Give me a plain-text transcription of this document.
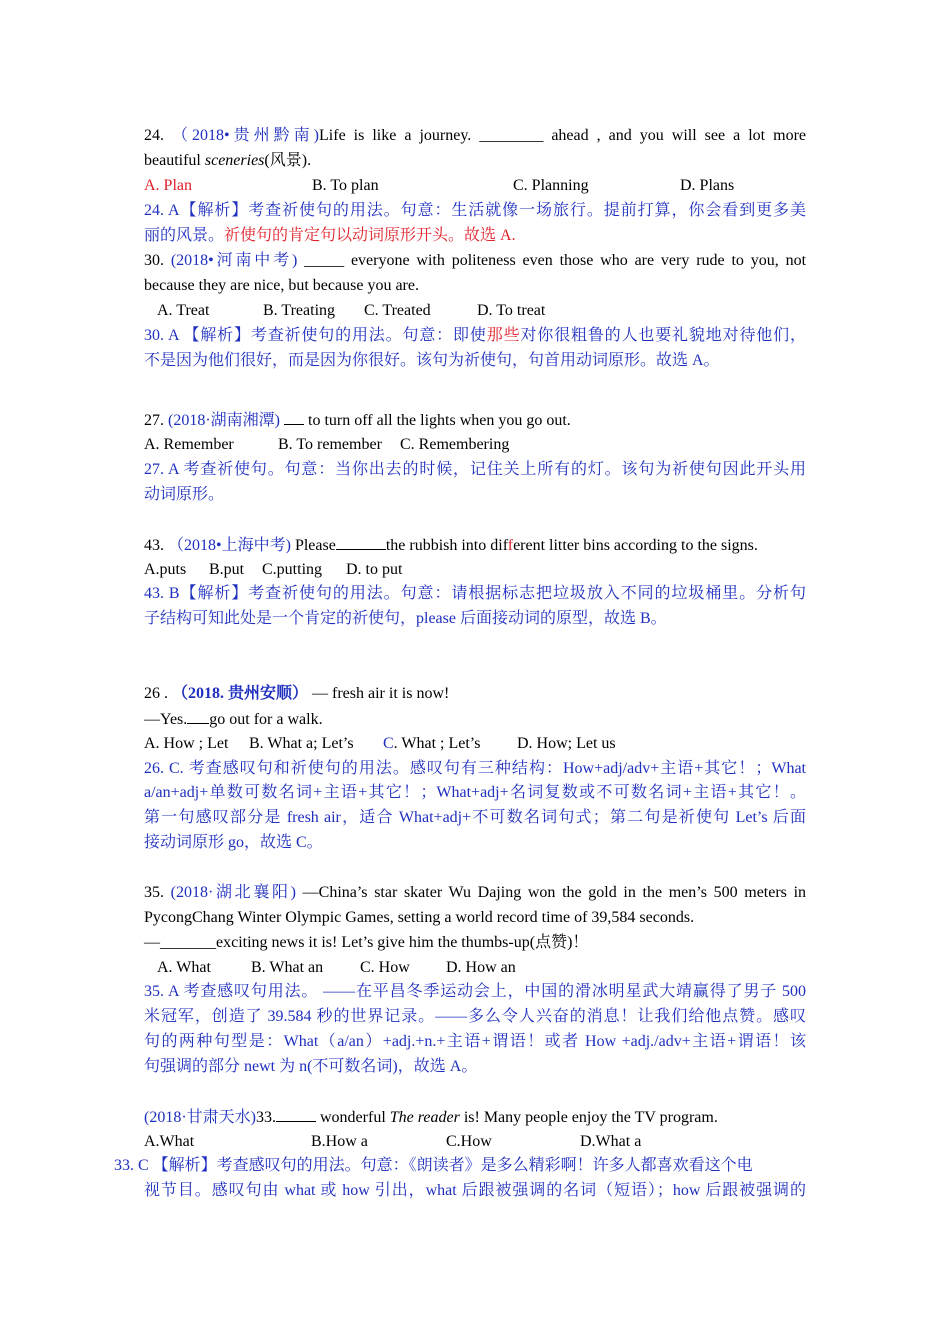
24. （2018•贵州黔南)Life is like a journey. ________ ahead , and you will see a lot more
beautiful sceneries(风景).
A. Plan	B. To plan	C. Planning	D. Plans
24. A【解析】考查祈使句的用法。句意：生活就像一场旅行。提前打算，你会看到更多美
丽的风景。祈使句的肯定句以动词原形开头。故选 A.
30. (2018•河南中考) _____ everyone with politeness even those who are very rude to you, not
because they are nice, but because you are.
A. Treat	B. Treating C. Treated	D. To treat
30. A 【解析】考查祈使句的用法。句意：即使那些对你很粗鲁的人也要礼貌地对待他们，
不是因为他们很好，而是因为你很好。该句为祈使句，句首用动词原形。故选 A。
27. (2018·湖南湘潭) to turn off all the lights when you go out.
A. Remember	B. To remember C. Remembering
27. A 考查祈使句。句意：当你出去的时候，记住关上所有的灯。该句为祈使句因此开头用
动词原形。
43. （2018•上海中考) Please	the rubbish into different litter bins according to the signs.
A.puts B.put C.putting D. to put
43. B【解析】考查祈使句的用法。句意：请根据标志把垃圾放入不同的垃圾桶里。分析句
子结构可知此处是一个肯定的祈使句，please 后面接动词的原型，故选 B。
26 . （2018. 贵州安顺） — fresh air it is now!
—Yes. go out for a walk.
A. How ; Let B. What a; Let’s C. What ; Let’s D. How; Let us
26. C. 考查感叹句和祈使句的用法。感叹句有三种结构：How+adj/adv+主语+其它！；What
a/an+adj+单数可数名词+主语+其它！；What+adj+名词复数或不可数名词+主语+其它！。
第一句感叹部分是 fresh air，适合 What+adj+不可数名词句式；第二句是祈使句 Let’s 后面
接动词原形 go，故选 C。
35. (2018·湖北襄阳) —China’s star skater Wu Dajing won the gold in the men’s 500 meters in
PycongChang Winter Olympic Games, setting a world record time of 39,584 seconds.
—_______exciting news it is! Let’s give him the thumbs-up(点赞)！
A. What	B. What an C. How D. How an
35. A 考查感叹句用法。 ——在平昌冬季运动会上，中国的滑冰明星武大靖赢得了男子 500
米冠军，创造了 39.584 秒的世界记录。——多么令人兴奋的消息！让我们给他点赞。感叹
句的两种句型是：What（a/an）+adj.+n.+主语+谓语！或者 How +adj./adv+主语+谓语！该
句强调的部分 newt 为 n(不可数名词)，故选 A。
(2018·甘肃天水)33.	wonderful The reader is! Many people enjoy the TV program.
A.What	B.How a	C.How	D.What a
33. C 【解析】考查感叹句的用法。句意：《朗读者》是多么精彩啊！许多人都喜欢看这个电
视节目。感叹句由 what 或 how 引出，what 后跟被强调的名词（短语）；how 后跟被强调的
